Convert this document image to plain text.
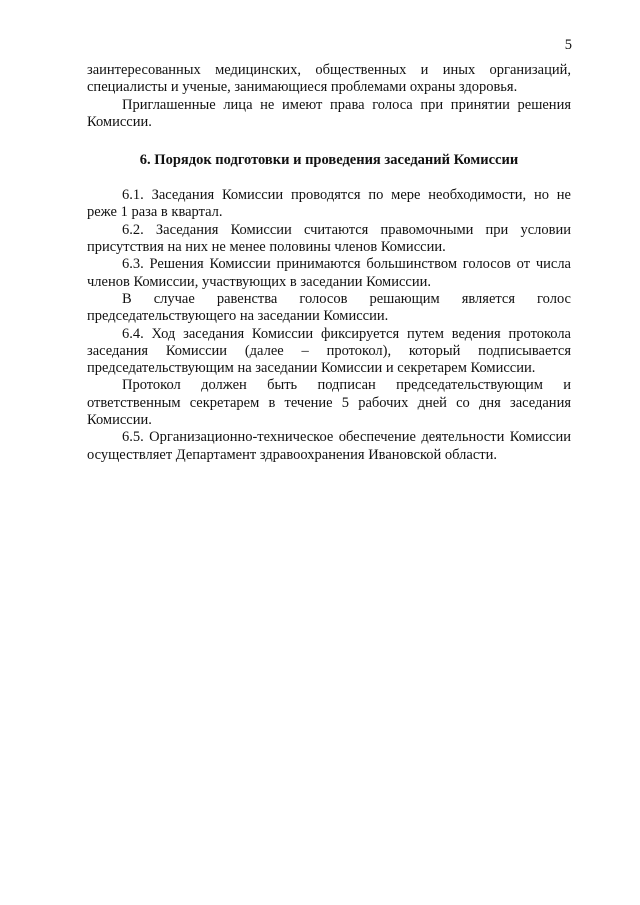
5

заинтересованных медицинских, общественных и иных организаций, специалисты и ученые, занимающиеся проблемами охраны здоровья.

Приглашенные лица не имеют права голоса при принятии решения Комиссии.

6. Порядок подготовки и проведения заседаний Комиссии

6.1. Заседания Комиссии проводятся по мере необходимости, но не реже 1 раза в квартал.

6.2. Заседания Комиссии считаются правомочными при условии присутствия на них не менее половины членов Комиссии.

6.3. Решения Комиссии принимаются большинством голосов от числа членов Комиссии, участвующих в заседании Комиссии.

В случае равенства голосов решающим является голос председательствующего на заседании Комиссии.

6.4. Ход заседания Комиссии фиксируется путем ведения протокола заседания Комиссии (далее – протокол), который подписывается председательствующим на заседании Комиссии и секретарем Комиссии.

Протокол должен быть подписан председательствующим и ответственным секретарем в течение 5 рабочих дней со дня заседания Комиссии.

6.5. Организационно-техническое обеспечение деятельности Комиссии осуществляет Департамент здравоохранения Ивановской области.
